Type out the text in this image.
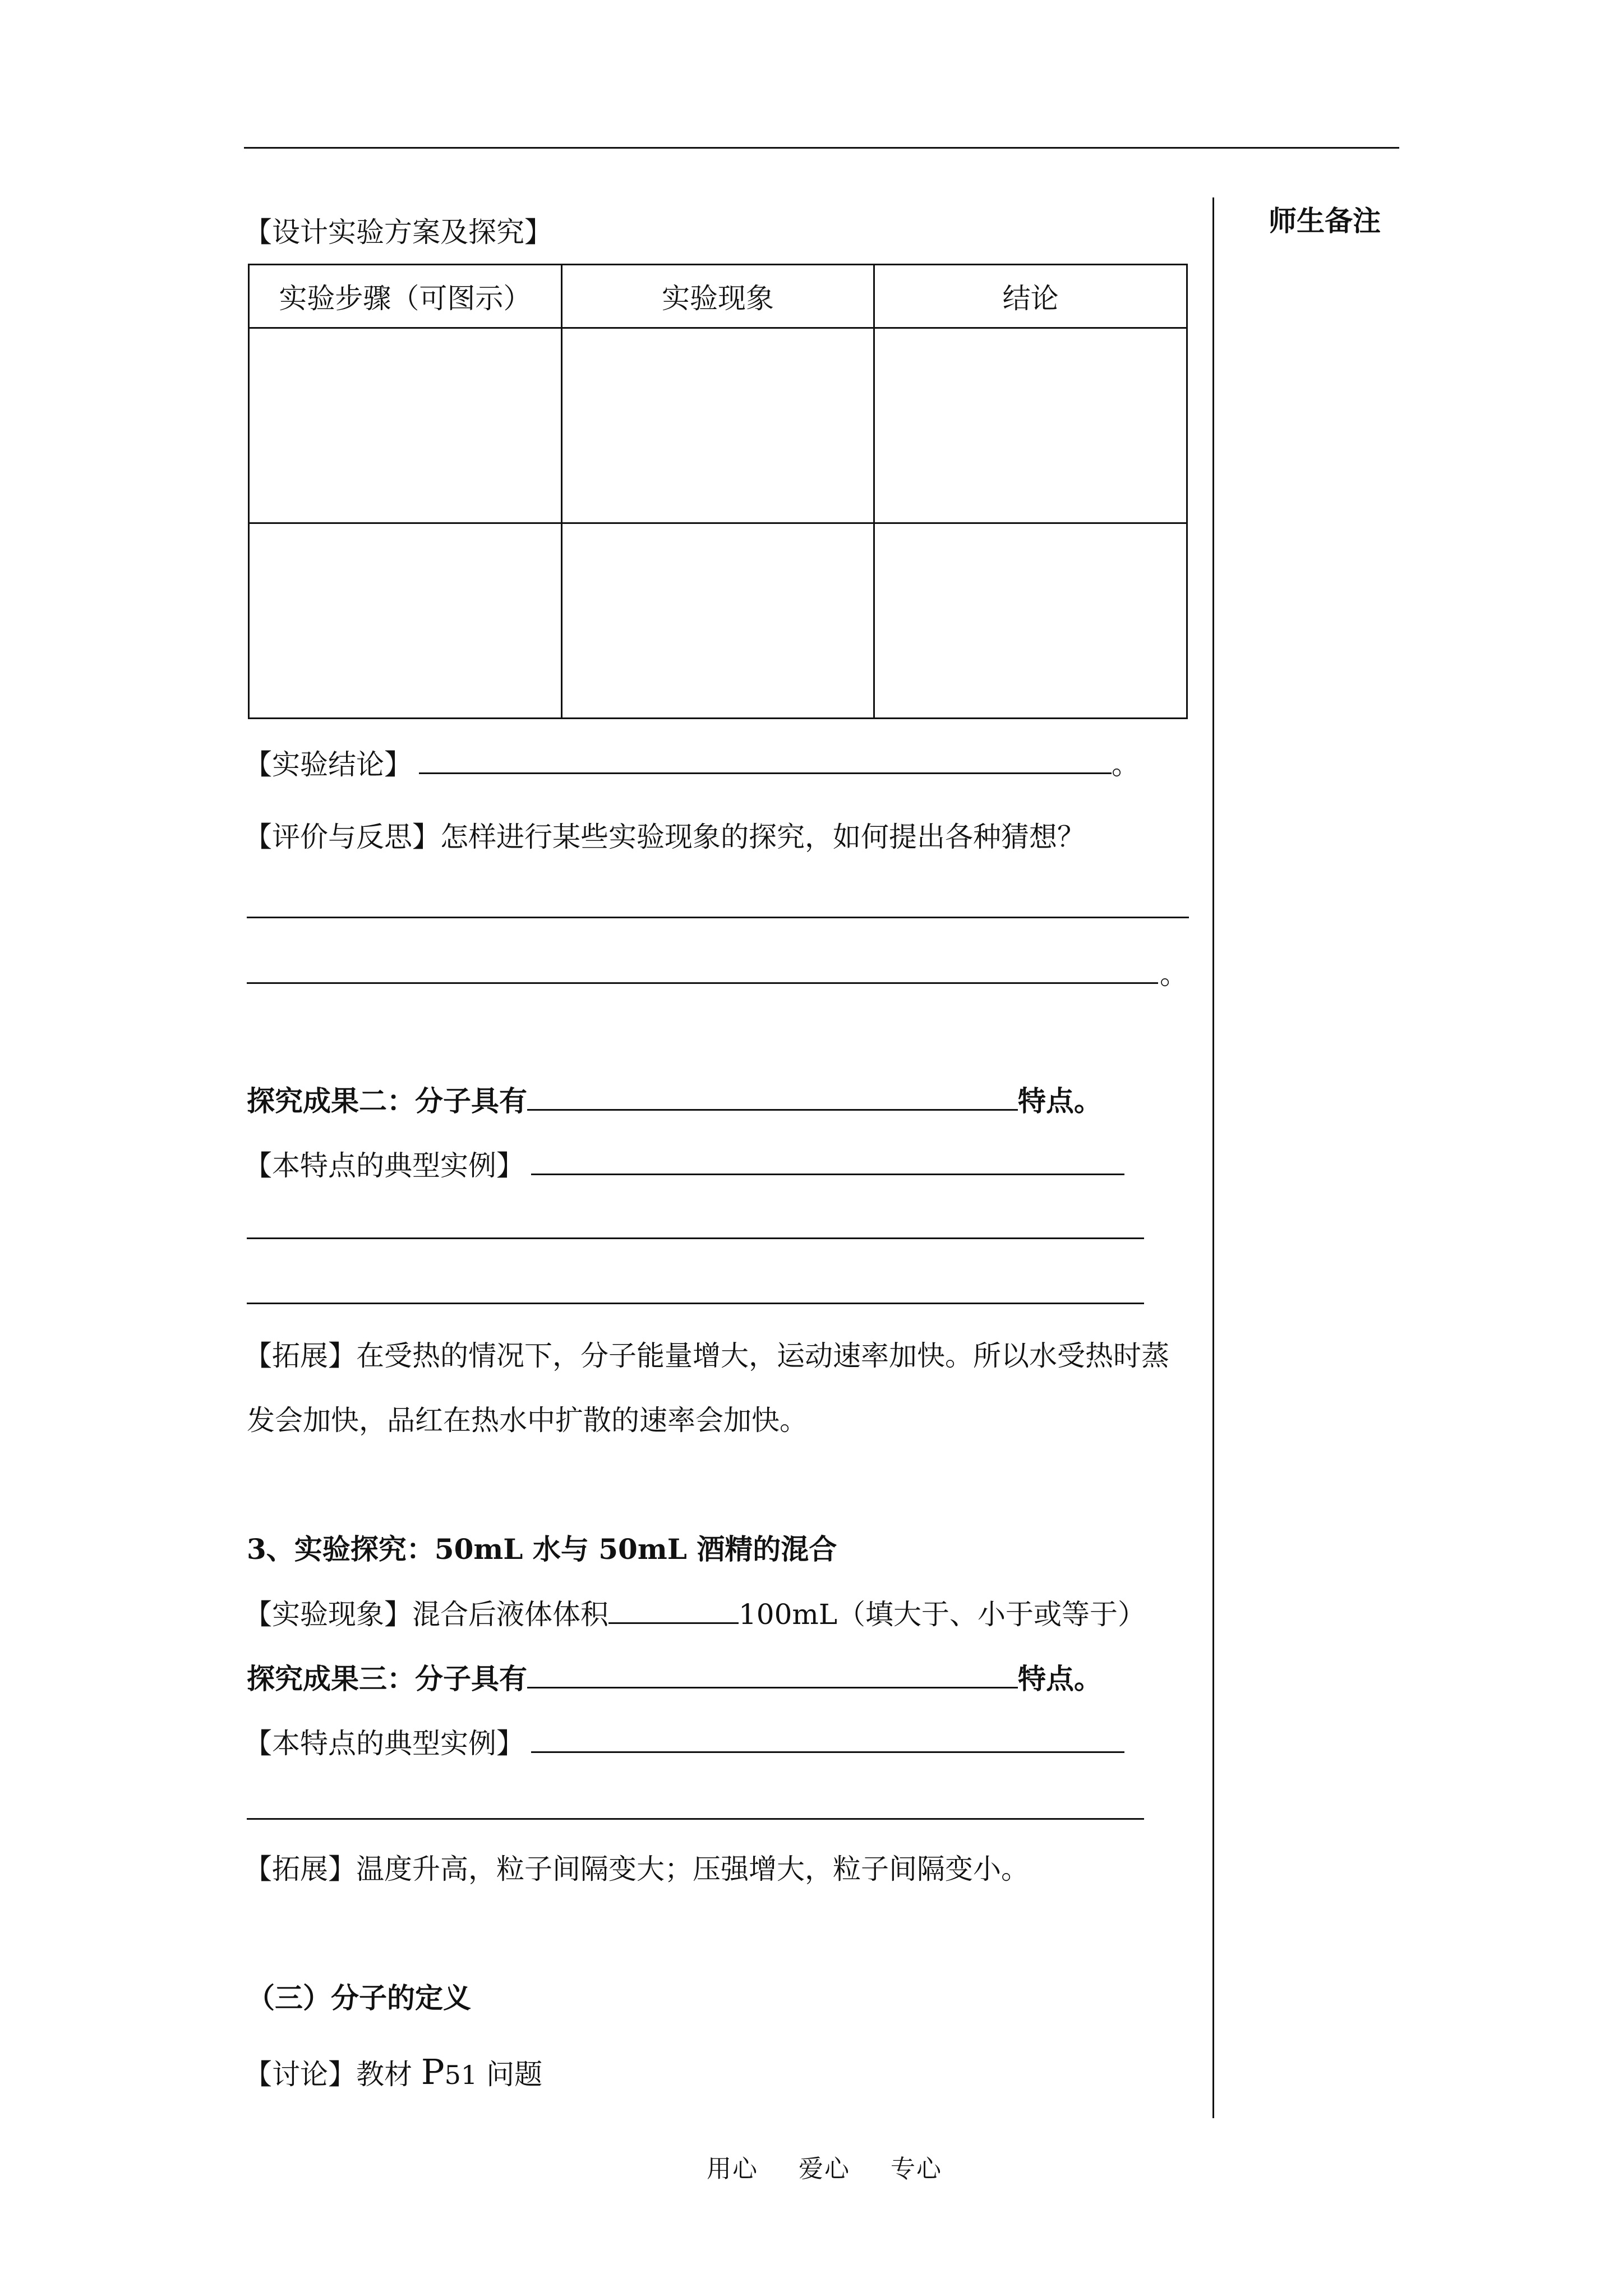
师生备注
【设计实验方案及探究】
实验步骤（可图示）	实验现象	结论

【实验结论】	。
【评价与反思】怎样进行某些实验现象的探究，如何提出各种猜想？
。
探究成果二：分子具有	特点。
【本特点的典型实例】
【拓展】在受热的情况下，分子能量增大，运动速率加快。所以水受热时蒸
发会加快，品红在热水中扩散的速率会加快。
3、实验探究：50mL 水与 50mL 酒精的混合
【实验现象】混合后液体体积	100mL（填大于、小于或等于）
探究成果三：分子具有	特点。
【本特点的典型实例】
【拓展】温度升高，粒子间隔变大；压强增大，粒子间隔变小。
（三）分子的定义
【讨论】教材 P51 问题
用心 爱心 专心
